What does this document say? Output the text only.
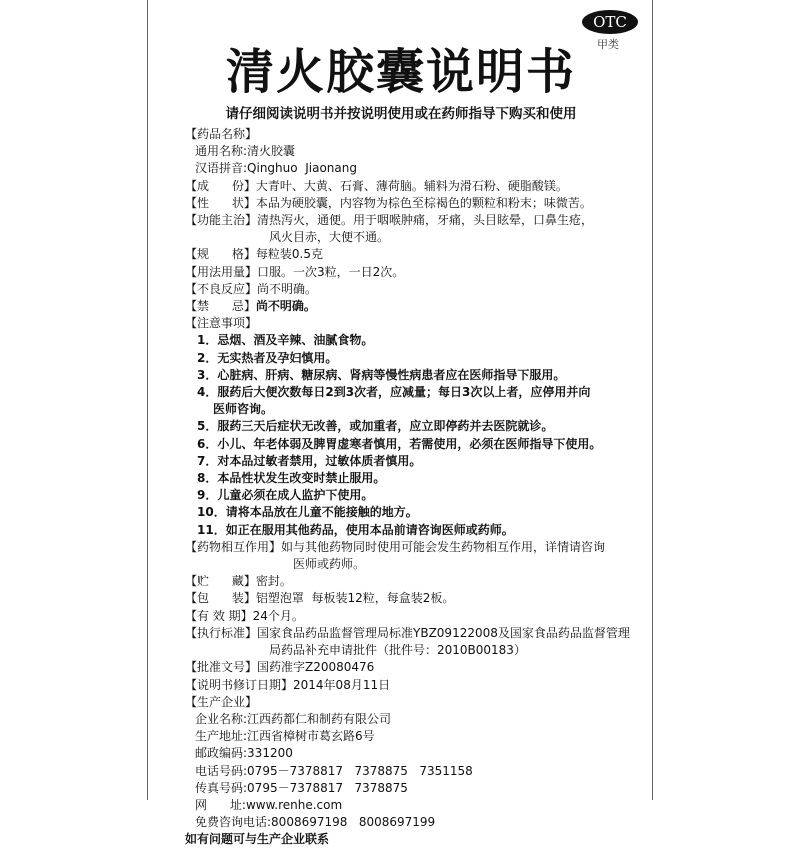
OTC
甲类
清火胶囊说明书
请仔细阅读说明书并按说明使用或在药师指导下购买和使用
【药品名称】
通用名称: 清火胶囊
汉语拼音: Qinghuo  Jiaonang
【成      份】 大青叶、大黄、石膏、薄荷脑。辅料为滑石粉、硬脂酸镁。
【性      状】 本品为硬胶囊，内容物为棕色至棕褐色的颗粒和粉末；味微苦。
【功能主治】 清热泻火，通便。用于咽喉肿痛，牙痛，头目眩晕，口鼻生疮，
风火目赤，大便不通。
【规      格】 每粒装0.5克
【用法用量】 口服。一次3粒，一日2次。
【不良反应】 尚不明确。
【禁      忌】 尚不明确。
【注意事项】
1．忌烟、酒及辛辣、油腻食物。
2．无实热者及孕妇慎用。
3．心脏病、肝病、糖尿病、肾病等慢性病患者应在医师指导下服用。
4．服药后大便次数每日2到3次者，应减量；每日3次以上者，应停用并向
医师咨询。
5．服药三天后症状无改善，或加重者，应立即停药并去医院就诊。
6．小儿、年老体弱及脾胃虚寒者慎用，若需使用，必须在医师指导下使用。
7．对本品过敏者禁用，过敏体质者慎用。
8．本品性状发生改变时禁止服用。
9．儿童必须在成人监护下使用。
10．请将本品放在儿童不能接触的地方。
11．如正在服用其他药品，使用本品前请咨询医师或药师。
【药物相互作用】 如与其他药物同时使用可能会发生药物相互作用，详情请咨询
医师或药师。
【贮      藏】 密封。
【包      装】 铝塑泡罩  每板装12粒，每盒装2板。
【有 效 期】 24个月。
【执行标准】 国家食品药品监督管理局标准YBZ09122008及国家食品药品监督管理
局药品补充申请批件（批件号：2010B00183）
【批准文号】 国药准字Z20080476
【说明书修订日期】 2014年08月11日
【生产企业】
企业名称: 江西药都仁和制药有限公司
生产地址: 江西省樟树市葛玄路6号
邮政编码: 331200
电话号码: 0795－7378817   7378875   7351158
传真号码: 0795－7378817   7378875
网      址: www.renhe.com
免费咨询电话: 8008697198   8008697199
如有问题可与生产企业联系
